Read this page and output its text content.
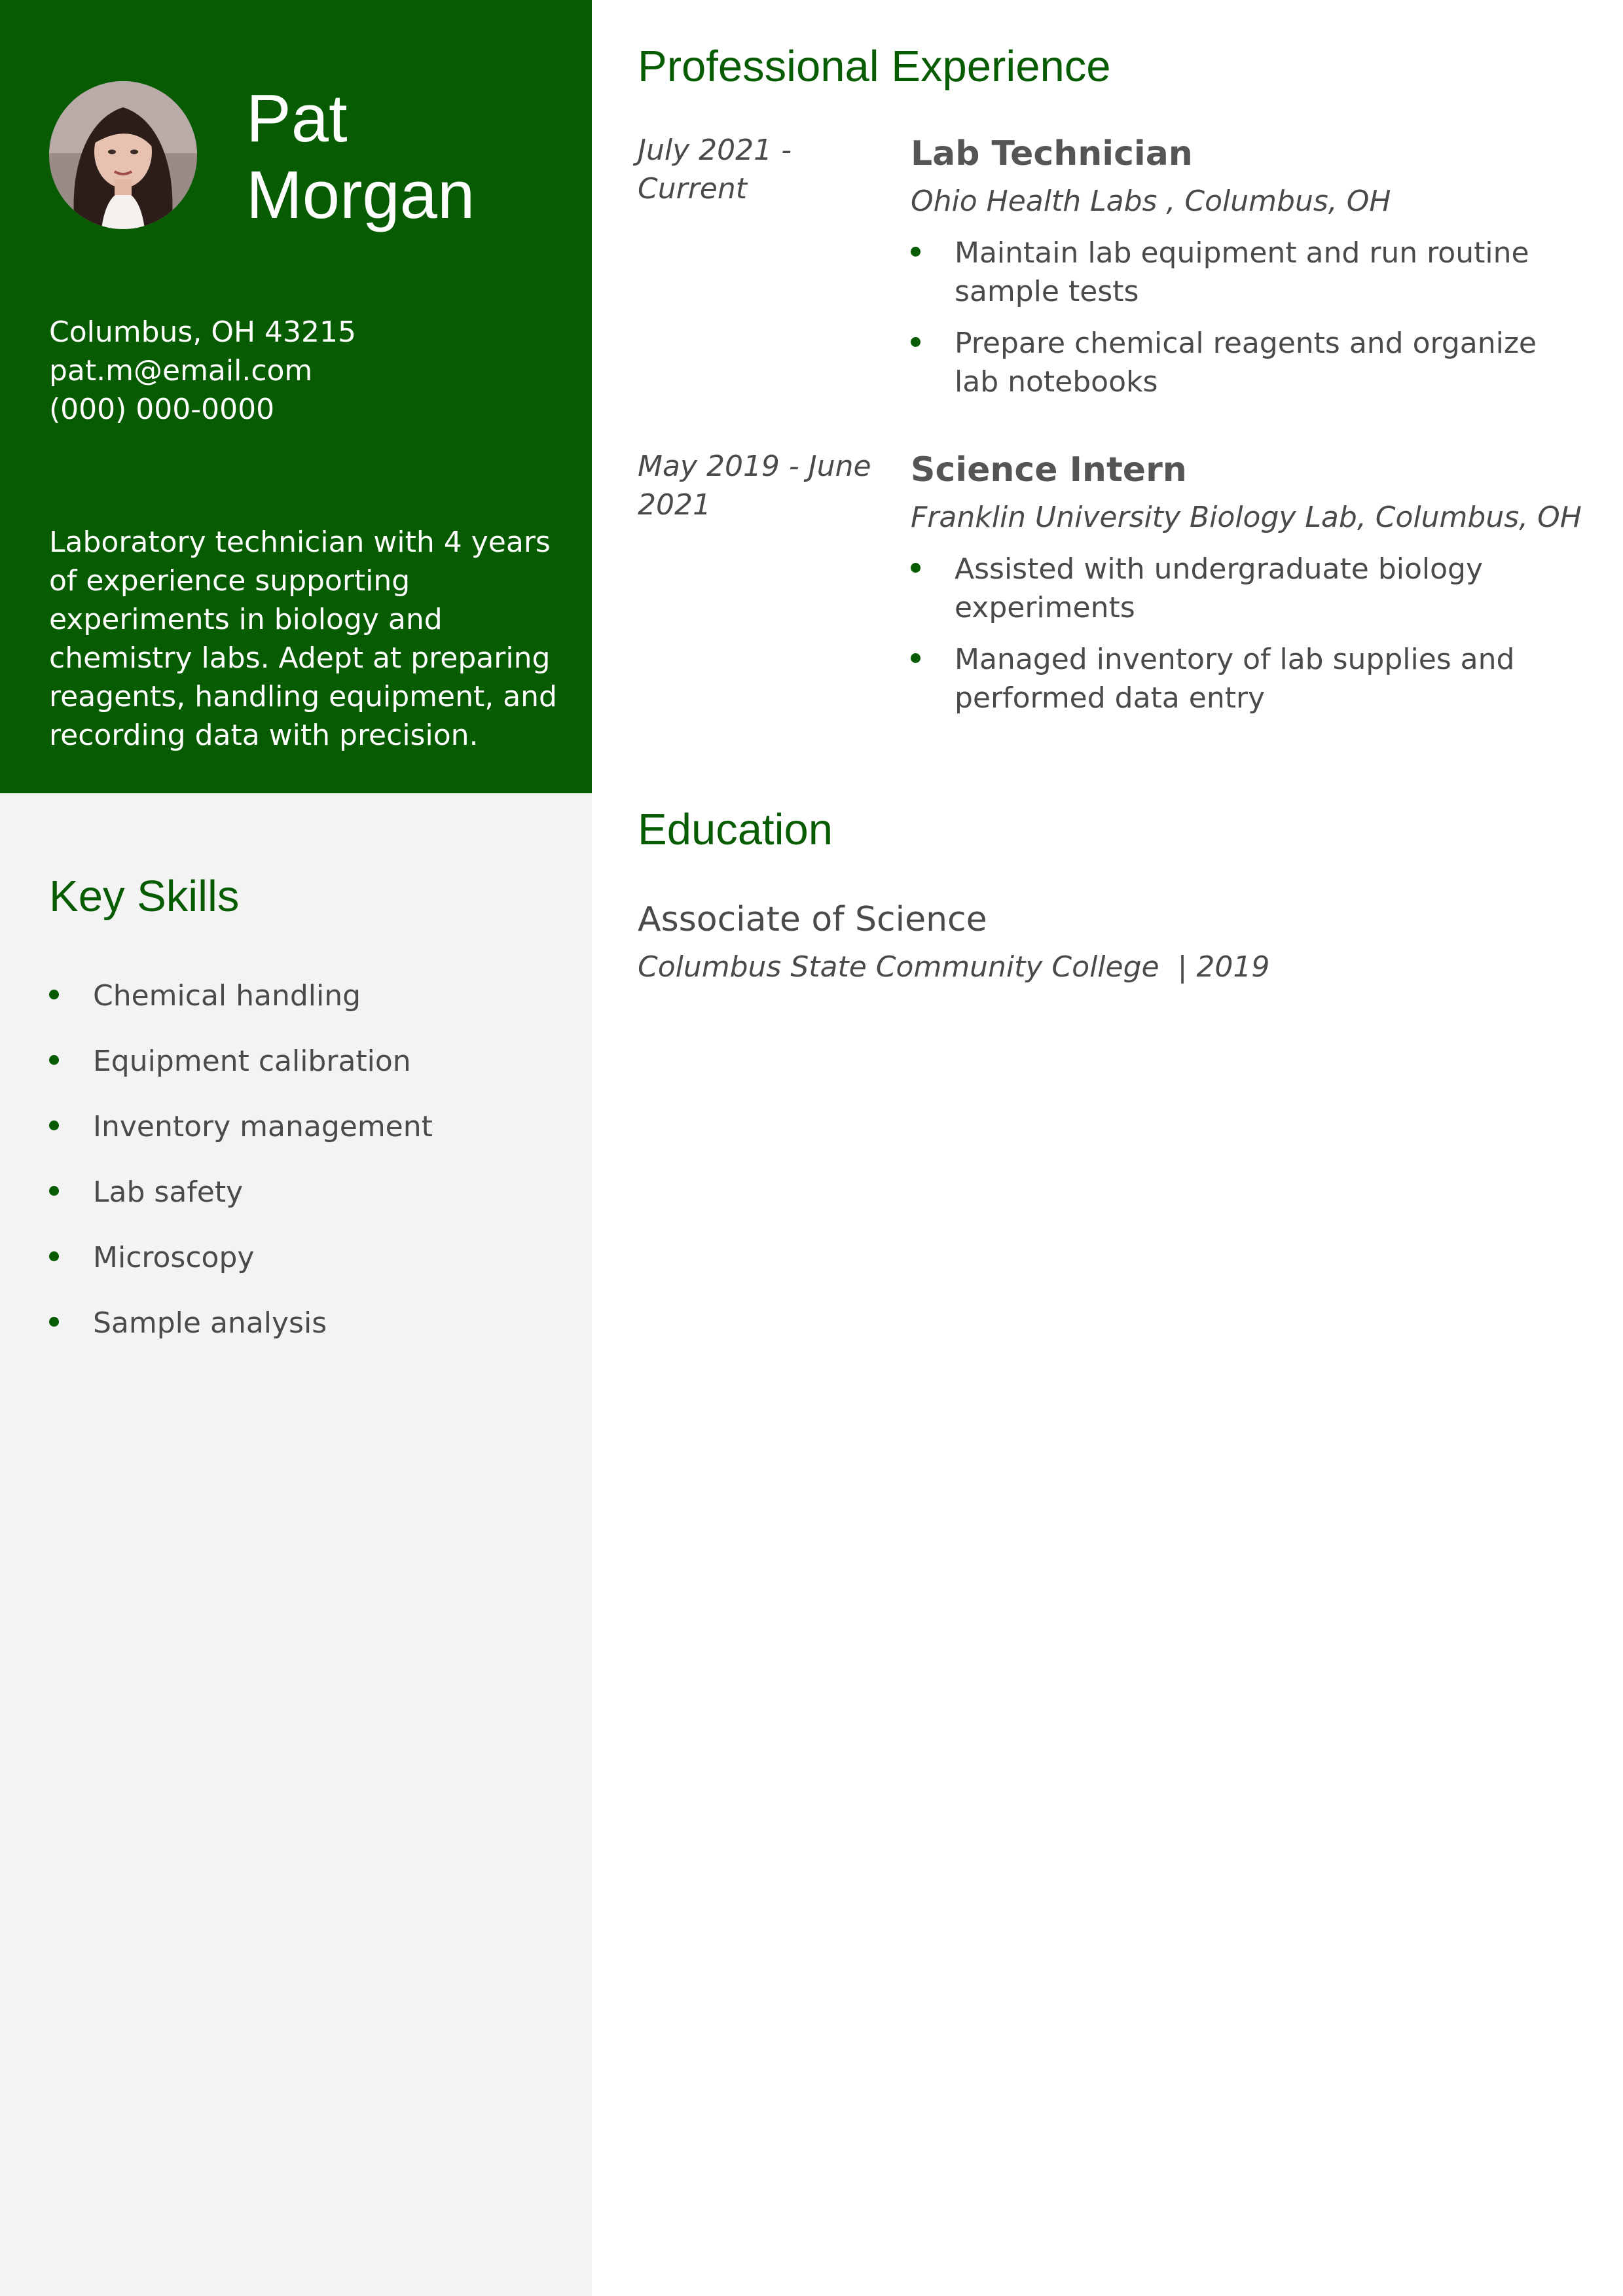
Pat
Morgan
Columbus, OH 43215
pat.m@email.com
(000) 000-0000

Laboratory technician with 4 years of experience supporting experiments in biology and chemistry labs. Adept at preparing reagents, handling equipment, and recording data with precision.

Key Skills
Chemical handling
Equipment calibration
Inventory management
Lab safety
Microscopy
Sample analysis
Professional Experience
July 2021 - Current
Lab Technician
Ohio Health Labs , Columbus, OH
Maintain lab equipment and run routine sample tests
Prepare chemical reagents and organize lab notebooks
May 2019 - June 2021
Science Intern
Franklin University Biology Lab, Columbus, OH
Assisted with undergraduate biology experiments
Managed inventory of lab supplies and performed data entry
Education
Associate of Science
Columbus State Community College  | 2019
